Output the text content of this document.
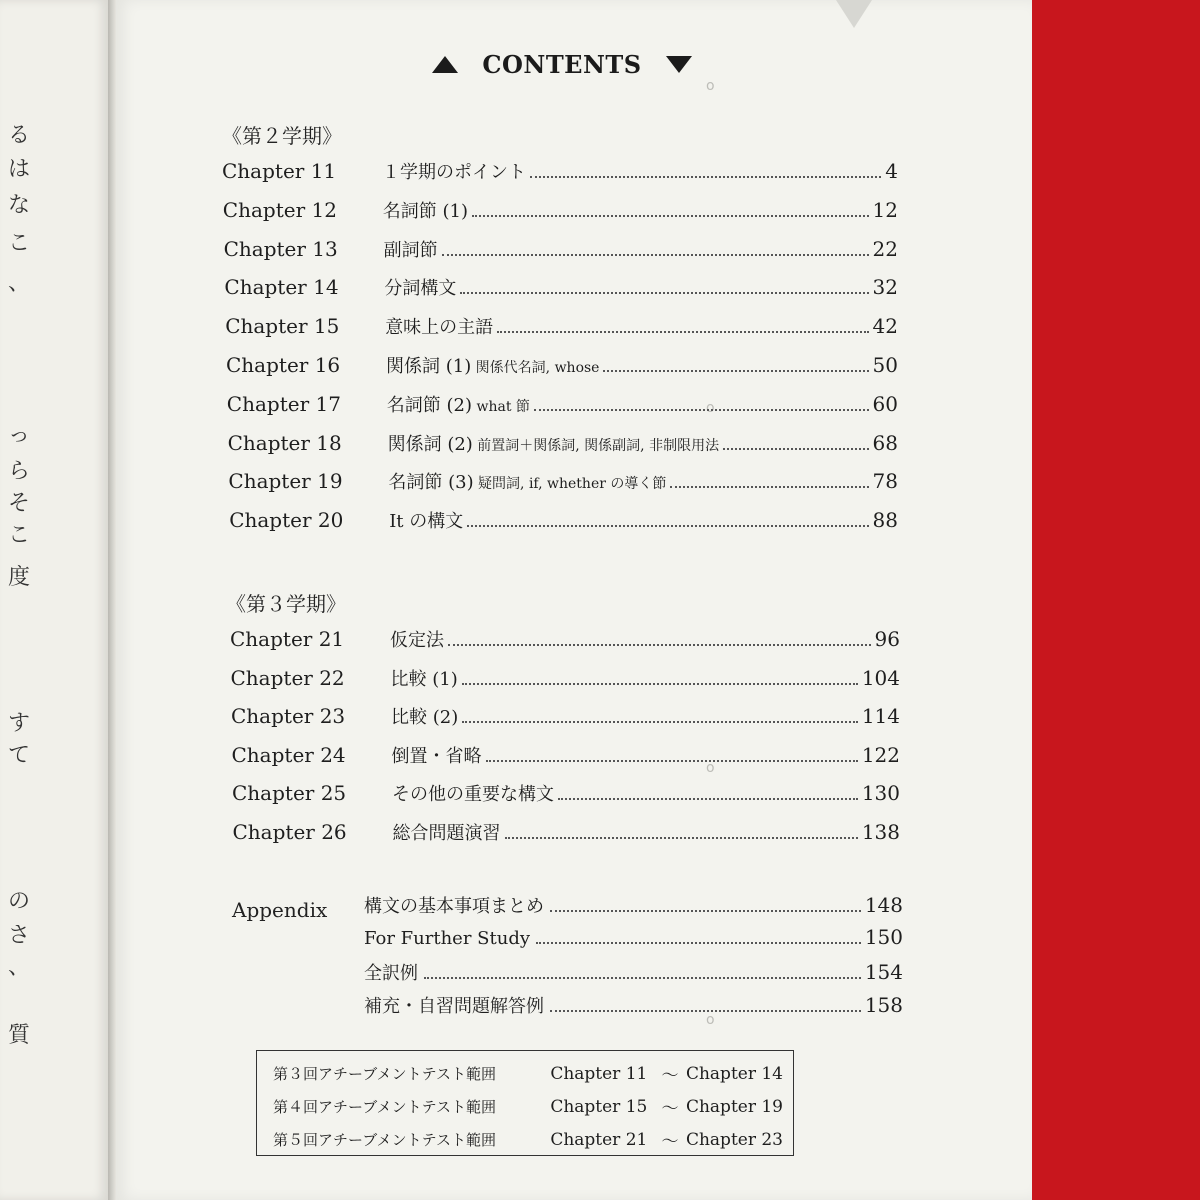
る
は
な
こ
、
っ
ら
そ
こ
度
す
て
の
さ
、
質
o
o
o
o
CONTENTS
《第２学期》
Chapter 11	１学期のポイント	4
Chapter 12	名詞節 (1)	12
Chapter 13	副詞節	22
Chapter 14	分詞構文	32
Chapter 15	意味上の主語	42
Chapter 16	関係詞 (1) 関係代名詞, whose	50
Chapter 17	名詞節 (2) what 節	60
Chapter 18	関係詞 (2) 前置詞＋関係詞, 関係副詞, 非制限用法	68
Chapter 19	名詞節 (3) 疑問詞, if, whether の導く節	78
Chapter 20	It の構文	88
《第３学期》
Chapter 21	仮定法	96
Chapter 22	比較 (1)	104
Chapter 23	比較 (2)	114
Chapter 24	倒置・省略	122
Chapter 25	その他の重要な構文	130
Chapter 26	総合問題演習	138
Appendix 構文の基本事項まとめ	148
For Further Study	150
全訳例	154
補充・自習問題解答例	158
第３回アチーブメントテスト範囲	Chapter 11 〜 Chapter 14
第４回アチーブメントテスト範囲	Chapter 15 〜 Chapter 19
第５回アチーブメントテスト範囲	Chapter 21 〜 Chapter 23
